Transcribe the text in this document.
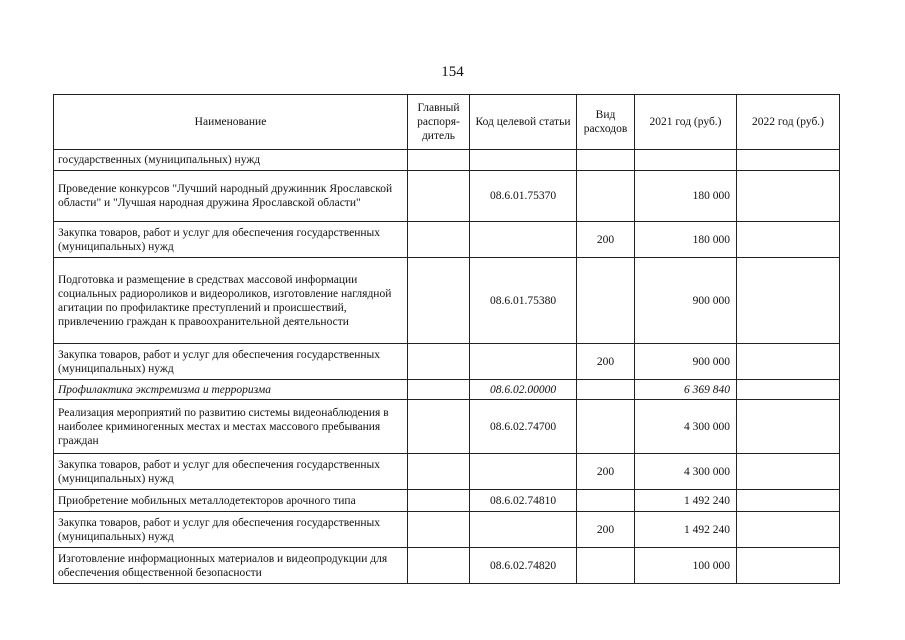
154
Наименование	Главный распоря-дитель	Код целевой статьи	Вид расходов	2021 год (руб.)	2022 год (руб.)
государственных (муниципальных) нужд					
Проведение конкурсов "Лучший народный дружинник Ярославской области" и "Лучшая народная дружина Ярославской области"		08.6.01.75370		180 000	
Закупка товаров, работ и услуг для обеспечения государственных (муниципальных) нужд			200	180 000	
Подготовка и размещение в средствах массовой информации социальных радиороликов и видеороликов, изготовление наглядной агитации по профилактике преступлений и происшествий, привлечению граждан к правоохранительной деятельности		08.6.01.75380		900 000	
Закупка товаров, работ и услуг для обеспечения государственных (муниципальных) нужд			200	900 000	
Профилактика экстремизма и терроризма		08.6.02.00000		6 369 840	
Реализация мероприятий по развитию системы видеонаблюдения в наиболее криминогенных местах и местах массового пребывания граждан		08.6.02.74700		4 300 000	
Закупка товаров, работ и услуг для обеспечения государственных (муниципальных) нужд			200	4 300 000	
Приобретение мобильных металлодетекторов арочного типа		08.6.02.74810		1 492 240	
Закупка товаров, работ и услуг для обеспечения государственных (муниципальных) нужд			200	1 492 240	
Изготовление информационных материалов и видеопродукции для обеспечения общественной безопасности		08.6.02.74820		100 000	
